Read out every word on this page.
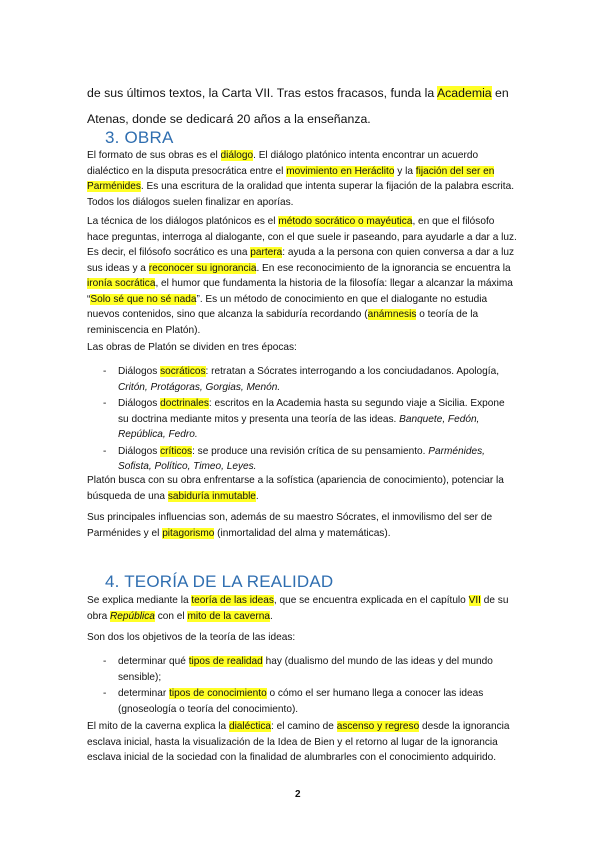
de sus últimos textos, la Carta VII. Tras estos fracasos, funda la Academia en Atenas, donde se dedicará 20 años a la enseñanza.

3. OBRA

El formato de sus obras es el diálogo. El diálogo platónico intenta encontrar un acuerdo dialéctico en la disputa presocrática entre el movimiento en Heráclito y la fijación del ser en Parménides. Es una escritura de la oralidad que intenta superar la fijación de la palabra escrita. Todos los diálogos suelen finalizar en aporías.

La técnica de los diálogos platónicos es el método socrático o mayéutica, en que el filósofo hace preguntas, interroga al dialogante, con el que suele ir paseando, para ayudarle a dar a luz. Es decir, el filósofo socrático es una partera: ayuda a la persona con quien conversa a dar a luz sus ideas y a reconocer su ignorancia. En ese reconocimiento de la ignorancia se encuentra la ironía socrática, el humor que fundamenta la historia de la filosofía: llegar a alcanzar la máxima “Solo sé que no sé nada”. Es un método de conocimiento en que el dialogante no estudia nuevos contenidos, sino que alcanza la sabiduría recordando (anámnesis o teoría de la reminiscencia en Platón).

Las obras de Platón se dividen en tres épocas:

- Diálogos socráticos: retratan a Sócrates interrogando a los conciudadanos. Apología, Critón, Protágoras, Gorgias, Menón.
- Diálogos doctrinales: escritos en la Academia hasta su segundo viaje a Sicilia. Expone su doctrina mediante mitos y presenta una teoría de las ideas. Banquete, Fedón, República, Fedro.
- Diálogos críticos: se produce una revisión crítica de su pensamiento. Parménides, Sofista, Político, Timeo, Leyes.

Platón busca con su obra enfrentarse a la sofística (apariencia de conocimiento), potenciar la búsqueda de una sabiduría inmutable.

Sus principales influencias son, además de su maestro Sócrates, el inmovilismo del ser de Parménides y el pitagorismo (inmortalidad del alma y matemáticas).

4. TEORÍA DE LA REALIDAD

Se explica mediante la teoría de las ideas, que se encuentra explicada en el capítulo VII de su obra República con el mito de la caverna.

Son dos los objetivos de la teoría de las ideas:

- determinar qué tipos de realidad hay (dualismo del mundo de las ideas y del mundo sensible);
- determinar tipos de conocimiento o cómo el ser humano llega a conocer las ideas (gnoseología o teoría del conocimiento).

El mito de la caverna explica la dialéctica: el camino de ascenso y regreso desde la ignorancia esclava inicial, hasta la visualización de la Idea de Bien y el retorno al lugar de la ignorancia esclava inicial de la sociedad con la finalidad de alumbrarles con el conocimiento adquirido.

2
